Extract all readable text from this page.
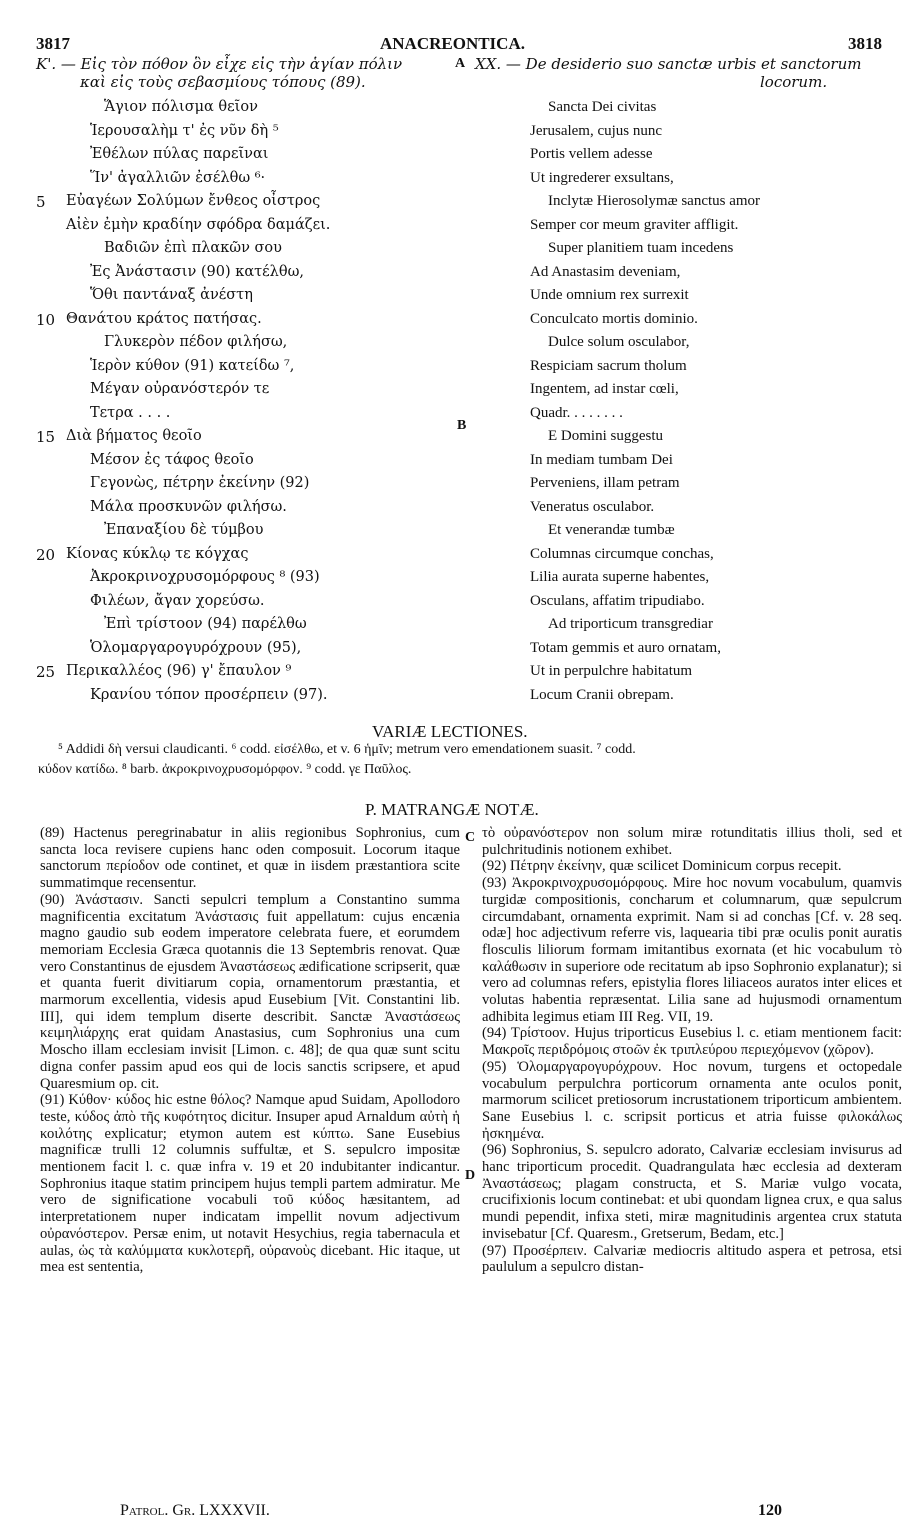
3817	ANACREONTICA.	3818
Κ'. — Εἰς τὸν πόθον ὃν εἶχε εἰς τὴν ἁγίαν πόλιν
καὶ εἰς τοὺς σεβασμίους τόπους (89).
A XX. — De desiderio suo sanctæ urbis et sanctorum
locorum.
Ἅγιον πόλισμα θεῖον
Ἱερουσαλὴμ τ' ἐς νῦν δὴ ⁵
Ἐθέλων πύλας παρεῖναι
Ἵν' ἀγαλλιῶν ἐσέλθω ⁶·
Εὐαγέων Σολύμων ἔνθεος οἶστρος
Αἰὲν ἐμὴν κραδίην σφόδρα δαμάζει.
Βαδιῶν ἐπὶ πλακῶν σου
Ἐς Ἀνάστασιν (90) κατέλθω,
Ὅθι παντάναξ ἀνέστη
Θανάτου κράτος πατήσας.
Γλυκερὸν πέδον φιλήσω,
Ἱερὸν κύθον (91) κατείδω ⁷,
Μέγαν οὐρανόστερόν τε
Τετρα . . . .
Διὰ βήματος θεοῖο
Μέσον ἐς τάφος θεοῖο
Γεγονὼς, πέτρην ἐκείνην (92)
Μάλα προσκυνῶν φιλήσω.
Ἐπαναξίου δὲ τύμβου
Κίονας κύκλῳ τε κόγχας
Ἀκροκρινοχρυσομόρφους ⁸ (93)
Φιλέων, ἄγαν χορεύσω.
Ἐπὶ τρίστοον (94) παρέλθω
Ὁλομαργαρογυρόχρουν (95),
Περικαλλέος (96) γ' ἔπαυλον ⁹
Κρανίου τόπον προσέρπειν (97).
Sancta Dei civitas
Jerusalem, cujus nunc
Portis vellem adesse
Ut ingrederer exsultans,
Inclytæ Hierosolymæ sanctus amor
Semper cor meum graviter affligit.
Super planitiem tuam incedens
Ad Anastasim deveniam,
Unde omnium rex surrexit
Conculcato mortis dominio.
Dulce solum osculabor,
Respiciam sacrum tholum
Ingentem, ad instar cœli,
Quadr. . . . . . . .
E Domini suggestu
In mediam tumbam Dei
Perveniens, illam petram
Veneratus osculabor.
Et venerandæ tumbæ
Columnas circumque conchas,
Lilia aurata superne habentes,
Osculans, affatim tripudiabo.
Ad triporticum transgrediar
Totam gemmis et auro ornatam,
Ut in perpulchre habitatum
Locum Cranii obrepam.
5
10
15
20
25
B
VARIÆ LECTIONES.
⁵ Addidi δὴ versui claudicanti. ⁶ codd. εἰσέλθω, et v. 6 ἡμῖν; metrum vero emendationem suasit. ⁷ codd.
κύδον κατίδω. ⁸ barb. ἀκροκρινοχρυσομόρφον. ⁹ codd. γε Παῦλος.
P. MATRANGÆ NOTÆ.

(89) Hactenus peregrinabatur in aliis regionibus Sophronius, cum sancta loca revisere cupiens hanc oden composuit. Locorum itaque sanctorum περίοδον ode continet, et quæ in iisdem præstantiora scite summatimque recensentur.

(90) Ἀνάστασιν. Sancti sepulcri templum a Constantino summa magnificentia excitatum Ἀνάστασις fuit appellatum: cujus encænia magno gaudio sub eodem imperatore celebrata fuere, et eorumdem memoriam Ecclesia Græca quotannis die 13 Septembris renovat. Quæ vero Constantinus de ejusdem Ἀναστάσεως ædificatione scripserit, quæ et quanta fuerit divitiarum copia, ornamentorum præstantia, et marmorum excellentia, videsis apud Eusebium [Vit. Constantini lib. III], qui idem templum diserte describit. Sanctæ Ἀναστάσεως κειμηλιάρχης erat quidam Anastasius, cum Sophronius una cum Moscho illam ecclesiam invisit [Limon. c. 48]; de qua quæ sunt scitu digna confer passim apud eos qui de locis sanctis scripsere, et apud Quaresmium op. cit.

(91) Κύθον· κύδος hic estne θόλος? Namque apud Suidam, Apollodoro teste, κύδος ἀπὸ τῆς κυφότητος dicitur. Insuper apud Arnaldum αὐτὴ ἡ κοιλότης explicatur; etymon autem est κύπτω. Sane Eusebius magnificæ trulli 12 columnis suffultæ, et S. sepulcro impositæ mentionem facit l. c. quæ infra v. 19 et 20 indubitanter indicantur. Sophronius itaque statim principem hujus templi partem admiratur. Me vero de significatione vocabuli τοῦ κύδος hæsitantem, ad interpretationem nuper indicatam impellit novum adjectivum οὐρανόστερον. Persæ enim, ut notavit Hesychius, regia tabernacula et aulas, ὡς τὰ καλύμματα κυκλοτερῆ, οὐρανοὺς dicebant. Hic itaque, ut mea est sententia,

C
D

τὸ οὐρανόστερον non solum miræ rotunditatis illius tholi, sed et pulchritudinis notionem exhibet.

(92) Πέτρην ἐκείνην, quæ scilicet Dominicum corpus recepit.

(93) Ἀκροκρινοχρυσομόρφους. Mire hoc novum vocabulum, quamvis turgidæ compositionis, concharum et columnarum, quæ sepulcrum circumdabant, ornamenta exprimit. Nam si ad conchas [Cf. v. 28 seq. odæ] hoc adjectivum referre vis, laquearia tibi præ oculis ponit auratis flosculis liliorum formam imitantibus exornata (et hic vocabulum τὸ καλάθωσιν in superiore ode recitatum ab ipso Sophronio explanatur); si vero ad columnas refers, epistylia flores liliaceos auratos inter elices et volutas habentia repræsentat. Lilia sane ad hujusmodi ornamentum adhibita legimus etiam III Reg. VII, 19.

(94) Τρίστοον. Hujus triporticus Eusebius l. c. etiam mentionem facit: Μακροῖς περιδρόμοις στοῶν ἐκ τριπλεύρου περιεχόμενον (χῶρον).

(95) Ὁλομαργαρογυρόχρουν. Hoc novum, turgens et octopedale vocabulum perpulchra porticorum ornamenta ante oculos ponit, marmorum scilicet pretiosorum incrustationem triporticum ambientem. Sane Eusebius l. c. scripsit porticus et atria fuisse φιλοκάλως ἠσκημένα.

(96) Sophronius, S. sepulcro adorato, Calvariæ ecclesiam invisurus ad hanc triporticum procedit. Quadrangulata hæc ecclesia ad dexteram Ἀναστάσεως; plagam constructa, et S. Mariæ vulgo vocata, crucifixionis locum continebat: et ubi quondam lignea crux, e qua salus mundi pependit, infixa steti, miræ magnitudinis argentea crux statuta invisebatur [Cf. Quaresm., Gretserum, Bedam, etc.]

(97) Προσέρπειν. Calvariæ mediocris altitudo aspera et petrosa, etsi paululum a sepulcro distan-

Patrol. Gr. LXXXVII.	120
